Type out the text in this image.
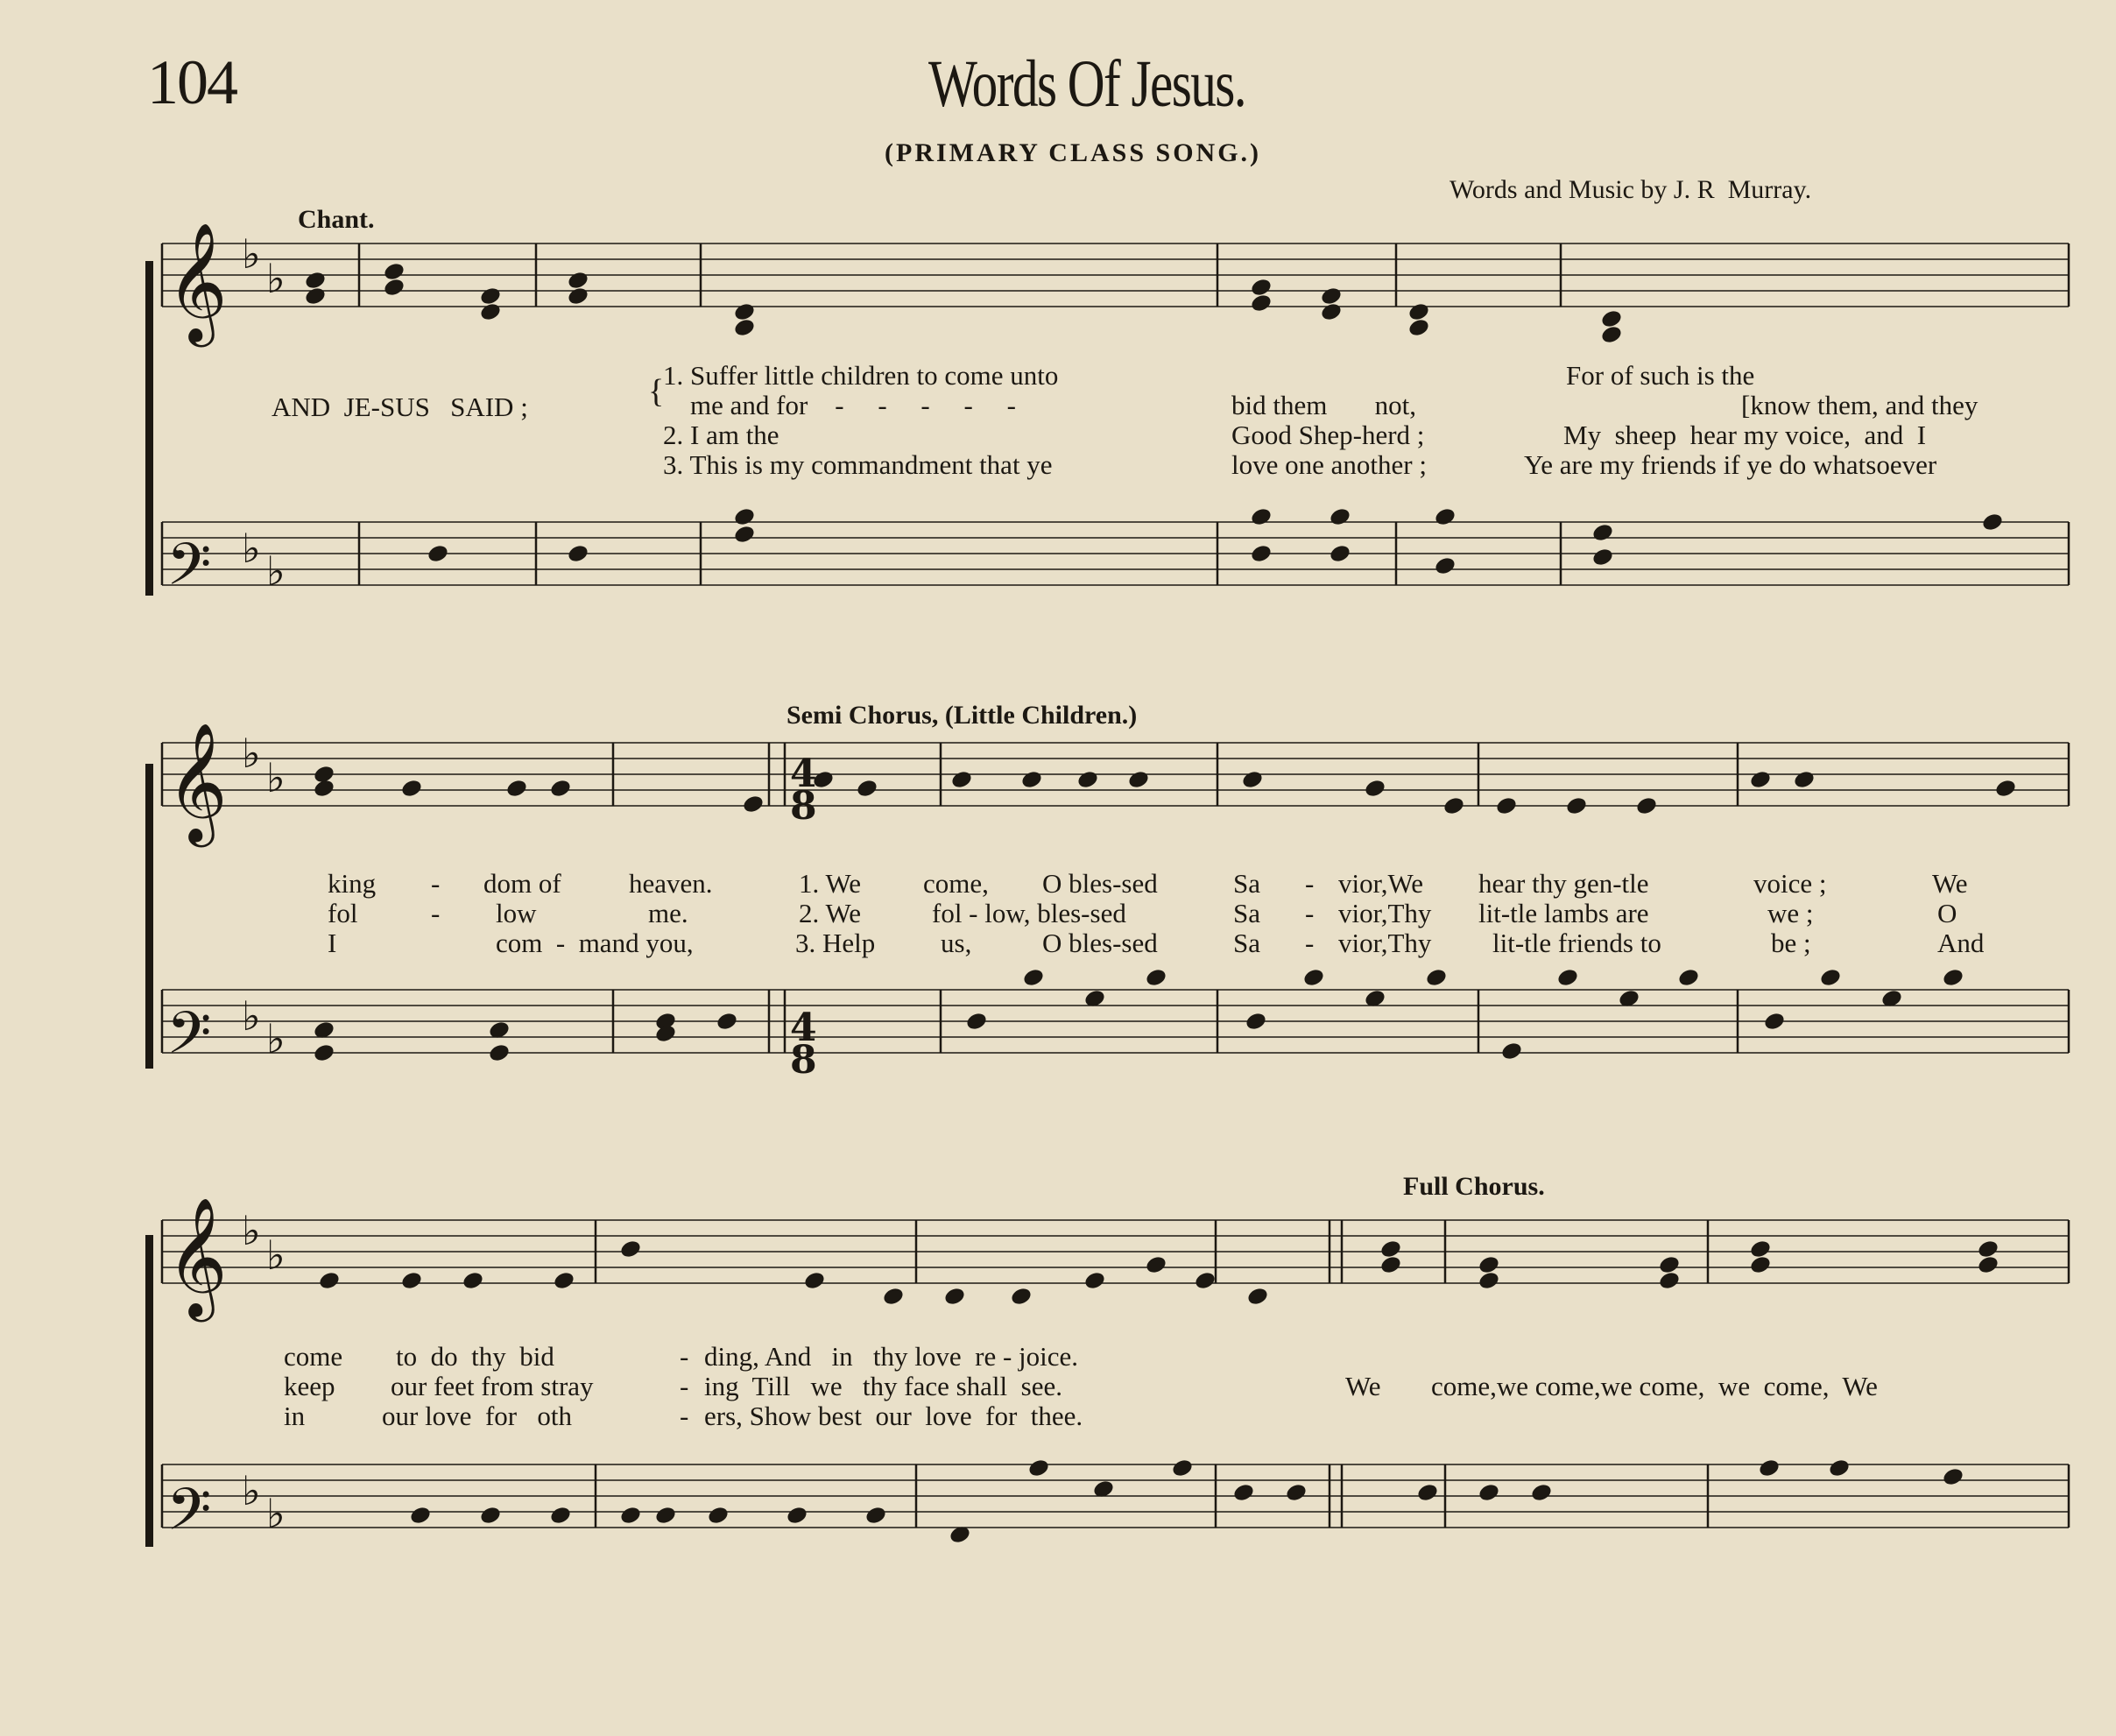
104	Words Of Jesus.
(PRIMARY CLASS SONG.)
Words and Music by J. R  Murray.
Chant.
Semi Chorus, (Little Children.)
Full Chorus.
AND  JE-SUS   SAID ;	{
1. Suffer little children to come unto
me and for    -     -     -     -     -
2. I am the
3. This is my commandment that ye
bid them       not,
Good Shep-herd ;
love one another ;
For of such is the
[know them, and they
My  sheep  hear my voice,  and  I
Ye are my friends if ye do whatsoever
king - dom of heaven.	1. We come, O bles-sed	Sa - vior,We hear thy gen-tle	voice ;	We
fol	- low	me.	2. We	fol - low, bles-sed	Sa - vior,Thy lit-tle lambs are	we ;	O
I	com  -  mand you,	3. Help us,	O bles-sed	Sa - vior,Thy lit-tle friends to	be ;	And
come to  do  thy  bid	- ding, And   in   thy love  re - joice.
keep our feet from stray	- ing  Till   we   thy face shall  see.	We come,we come,we come,  we  come,  We
in	our love  for   oth	- ers, Show best  our  love  for  thee.
𝄞
𝄞
𝄞
𝄢
𝄢
𝄢
♭
♭
♭ ♭
♭
♭
♭ ♭
♭
♭
♭ ♭
4
8
4
8
